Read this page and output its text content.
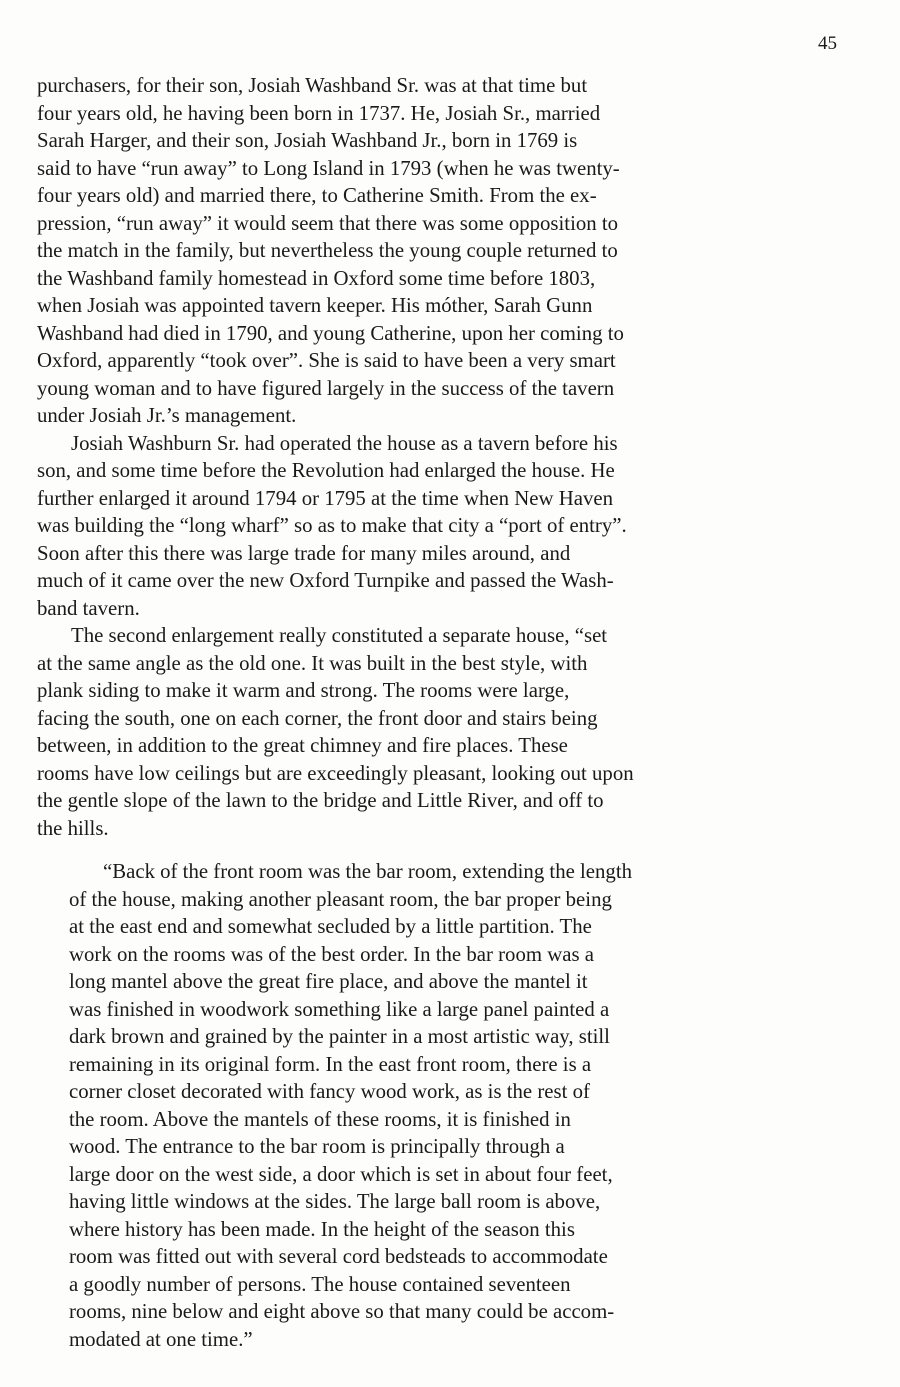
45
purchasers, for their son, Josiah Washband Sr. was at that time but
four years old, he having been born in 1737. He, Josiah Sr., married
Sarah Harger, and their son, Josiah Washband Jr., born in 1769 is
said to have “run away” to Long Island in 1793 (when he was twenty-
four years old) and married there, to Catherine Smith. From the ex-
pression, “run away” it would seem that there was some opposition to
the match in the family, but nevertheless the young couple returned to
the Washband family homestead in Oxford some time before 1803,
when Josiah was appointed tavern keeper. His móther, Sarah Gunn
Washband had died in 1790, and young Catherine, upon her coming to
Oxford, apparently “took over”. She is said to have been a very smart
young woman and to have figured largely in the success of the tavern
under Josiah Jr.’s management.
Josiah Washburn Sr. had operated the house as a tavern before his
son, and some time before the Revolution had enlarged the house. He
further enlarged it around 1794 or 1795 at the time when New Haven
was building the “long wharf” so as to make that city a “port of entry”.
Soon after this there was large trade for many miles around, and
much of it came over the new Oxford Turnpike and passed the Wash-
band tavern.
The second enlargement really constituted a separate house, “set
at the same angle as the old one. It was built in the best style, with
plank siding to make it warm and strong. The rooms were large,
facing the south, one on each corner, the front door and stairs being
between, in addition to the great chimney and fire places. These
rooms have low ceilings but are exceedingly pleasant, looking out upon
the gentle slope of the lawn to the bridge and Little River, and off to
the hills.
“Back of the front room was the bar room, extending the length
of the house, making another pleasant room, the bar proper being
at the east end and somewhat secluded by a little partition. The
work on the rooms was of the best order. In the bar room was a
long mantel above the great fire place, and above the mantel it
was finished in woodwork something like a large panel painted a
dark brown and grained by the painter in a most artistic way, still
remaining in its original form. In the east front room, there is a
corner closet decorated with fancy wood work, as is the rest of
the room. Above the mantels of these rooms, it is finished in
wood. The entrance to the bar room is principally through a
large door on the west side, a door which is set in about four feet,
having little windows at the sides. The large ball room is above,
where history has been made. In the height of the season this
room was fitted out with several cord bedsteads to accommodate
a goodly number of persons. The house contained seventeen
rooms, nine below and eight above so that many could be accom-
modated at one time.”
